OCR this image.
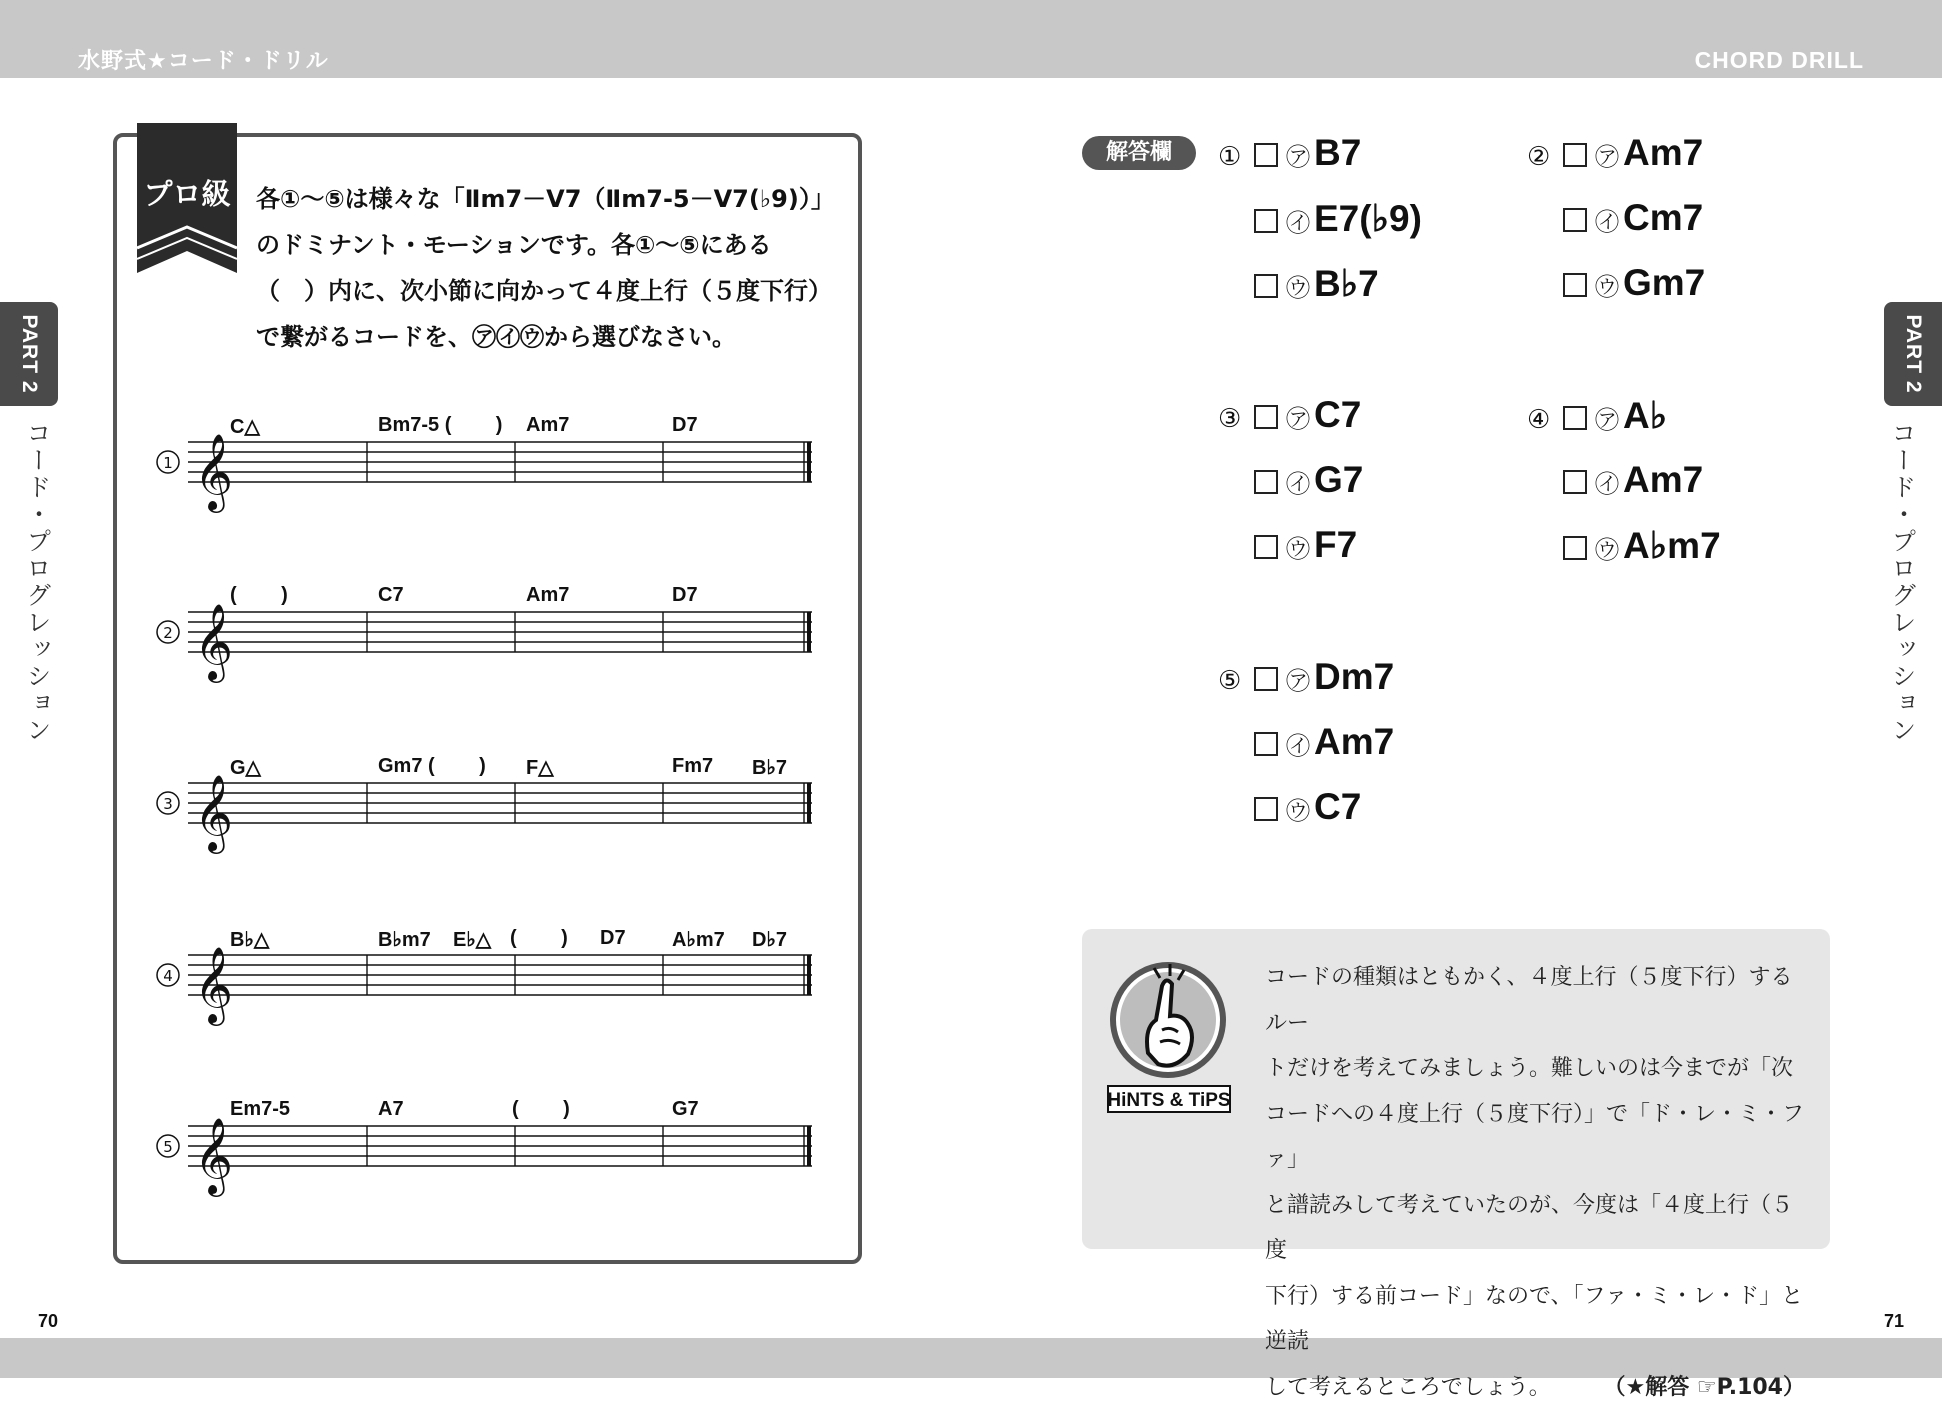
水野式★コード・ドリル	CHORD DRILL
70	71
PART 2
コード・プログレッション
PART 2
コード・プログレッション
プロ級 各①～⑤は様々な「Ⅱm7－Ⅴ7（Ⅱm7-5－Ⅴ7(♭9)）」
のドミナント・モーションです。各①～⑤にある
（　）内に、次小節に向かって４度上行（５度下行）
で繋がるコードを、㋐㋑㋒から選びなさい。
1 𝄞
C△	Bm7-5 (        ) Am7	D7
2 𝄞
(        )	C7	Am7	D7
3 𝄞
G△	Gm7 (        ) F△	Fm7 B♭7
4 𝄞
B♭△	B♭m7 E♭△ (        ) D7 A♭m7 D♭7
5 𝄞
Em7-5	A7	(        )	G7
解答欄	① ㋐ B7
㋑ E7(♭9)
㋒ B♭7
② ㋐ Am7
㋑ Cm7
㋒ Gm7
③ ㋐ C7
㋑ G7
㋒ F7
④ ㋐ A♭
㋑ Am7
㋒ A♭m7
⑤ ㋐ Dm7
㋑ Am7
㋒ C7
HiNTS & TiPS
コードの種類はともかく、４度上行（５度下行）するルー
トだけを考えてみましょう。難しいのは今までが「次
コードへの４度上行（５度下行）」で「ド・レ・ミ・ファ」
と譜読みして考えていたのが、今度は「４度上行（５度
下行）する前コード」なので、「ファ・ミ・レ・ド」と逆読
して考えるところでしょう。 （★解答 ☞P.104）
